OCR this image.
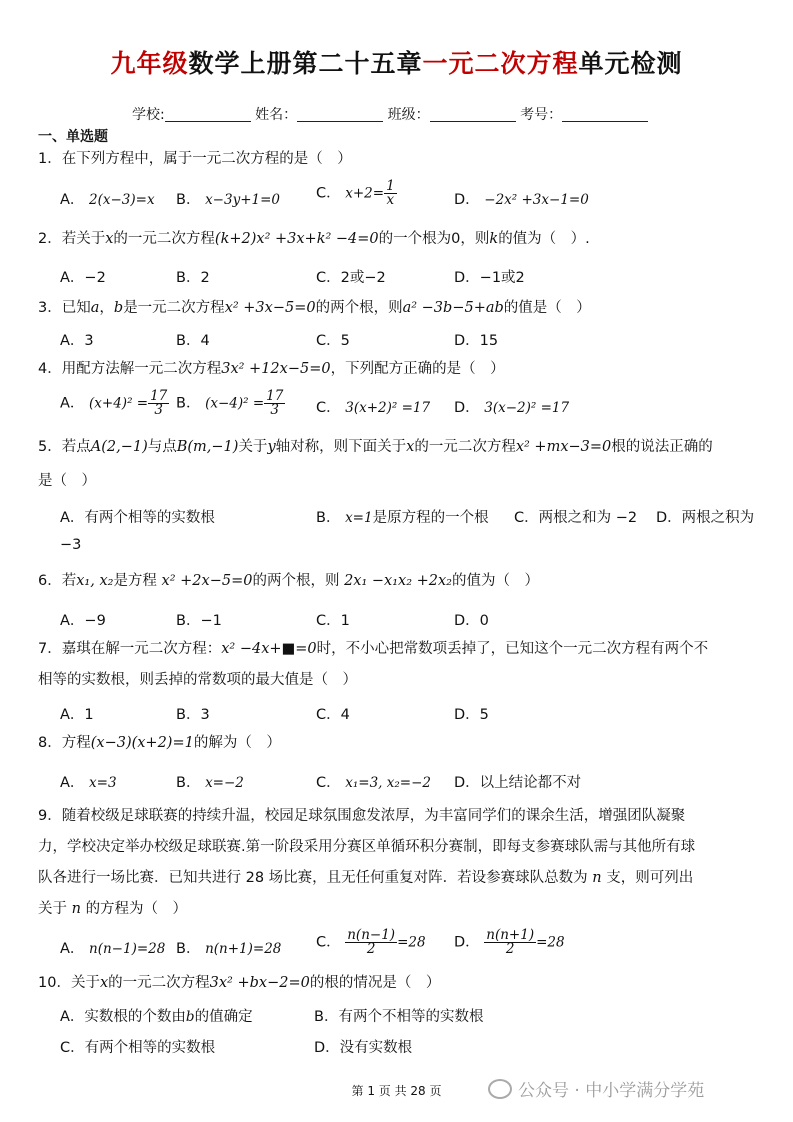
九年级数学上册第二十五章一元二次方程单元检测
学校:	姓名：	班级：	考号：
一、单选题
1．在下列方程中，属于一元二次方程的是（　）
A． 2(x−3)=x B． x−3y+1=0 C． $x+2= \frac{1}{x}$	D． −2x² +3x−1=0
2．若关于x的一元二次方程(k+2)x² +3x+k² −4=0的一个根为0，则k的值为（　）.
A．−2	B．2	C．2或−2	D．−1或2
3．已知a，b是一元二次方程x² +3x−5=0的两个根，则a² −3b−5+ab的值是（　）
A．3	B．4	C．5	D．15
4．用配方法解一元二次方程3x² +12x−5=0，下列配方正确的是（　）
A． $(x+4)^2 = \frac{17}{3}$ B． $(x-4)^2 = \frac{17}{3}$ C． 3(x+2)² =17 D． 3(x−2)² =17
5．若点A(2,−1)与点B(m,−1)关于y轴对称，则下面关于x的一元二次方程x² +mx−3=0根的说法正确的
是（　）
A．有两个相等的实数根	B． x=1是原方程的一个根 C．两根之和为 −2 D．两根之积为
−3
6．若x₁, x₂是方程 x² +2x−5=0的两个根，则 2x₁ −x₁x₂ +2x₂的值为（　）
A．−9	B．−1	C．1	D．0
7．嘉琪在解一元二次方程：x² −4x+■=0时，不小心把常数项丢掉了，已知这个一元二次方程有两个不
相等的实数根，则丢掉的常数项的最大值是（　）
A．1	B．3	C．4	D．5
8．方程(x−3)(x+2)=1的解为（　）
A． x=3	B． x=−2	C． x₁=3, x₂=−2 D．以上结论都不对
9．随着校级足球联赛的持续升温，校园足球氛围愈发浓厚，为丰富同学们的课余生活，增强团队凝聚
力，学校决定举办校级足球联赛.第一阶段采用分赛区单循环积分赛制，即每支参赛球队需与其他所有球
队各进行一场比赛．已知共进行 28 场比赛，且无任何重复对阵．若设参赛球队总数为 n 支，则可列出
关于 n 的方程为（　）
A． n(n−1)=28 B． n(n+1)=28 C． $\frac{n(n-1)}{2} =28$ D． $\frac{n(n+1)}{2} =28$
10．关于x的一元二次方程3x² +bx−2=0的根的情况是（　）
A．实数根的个数由b的值确定	B．有两个不相等的实数根
C．有两个相等的实数根	D．没有实数根
第 1 页 共 28 页	公众号 · 中小学满分学苑
